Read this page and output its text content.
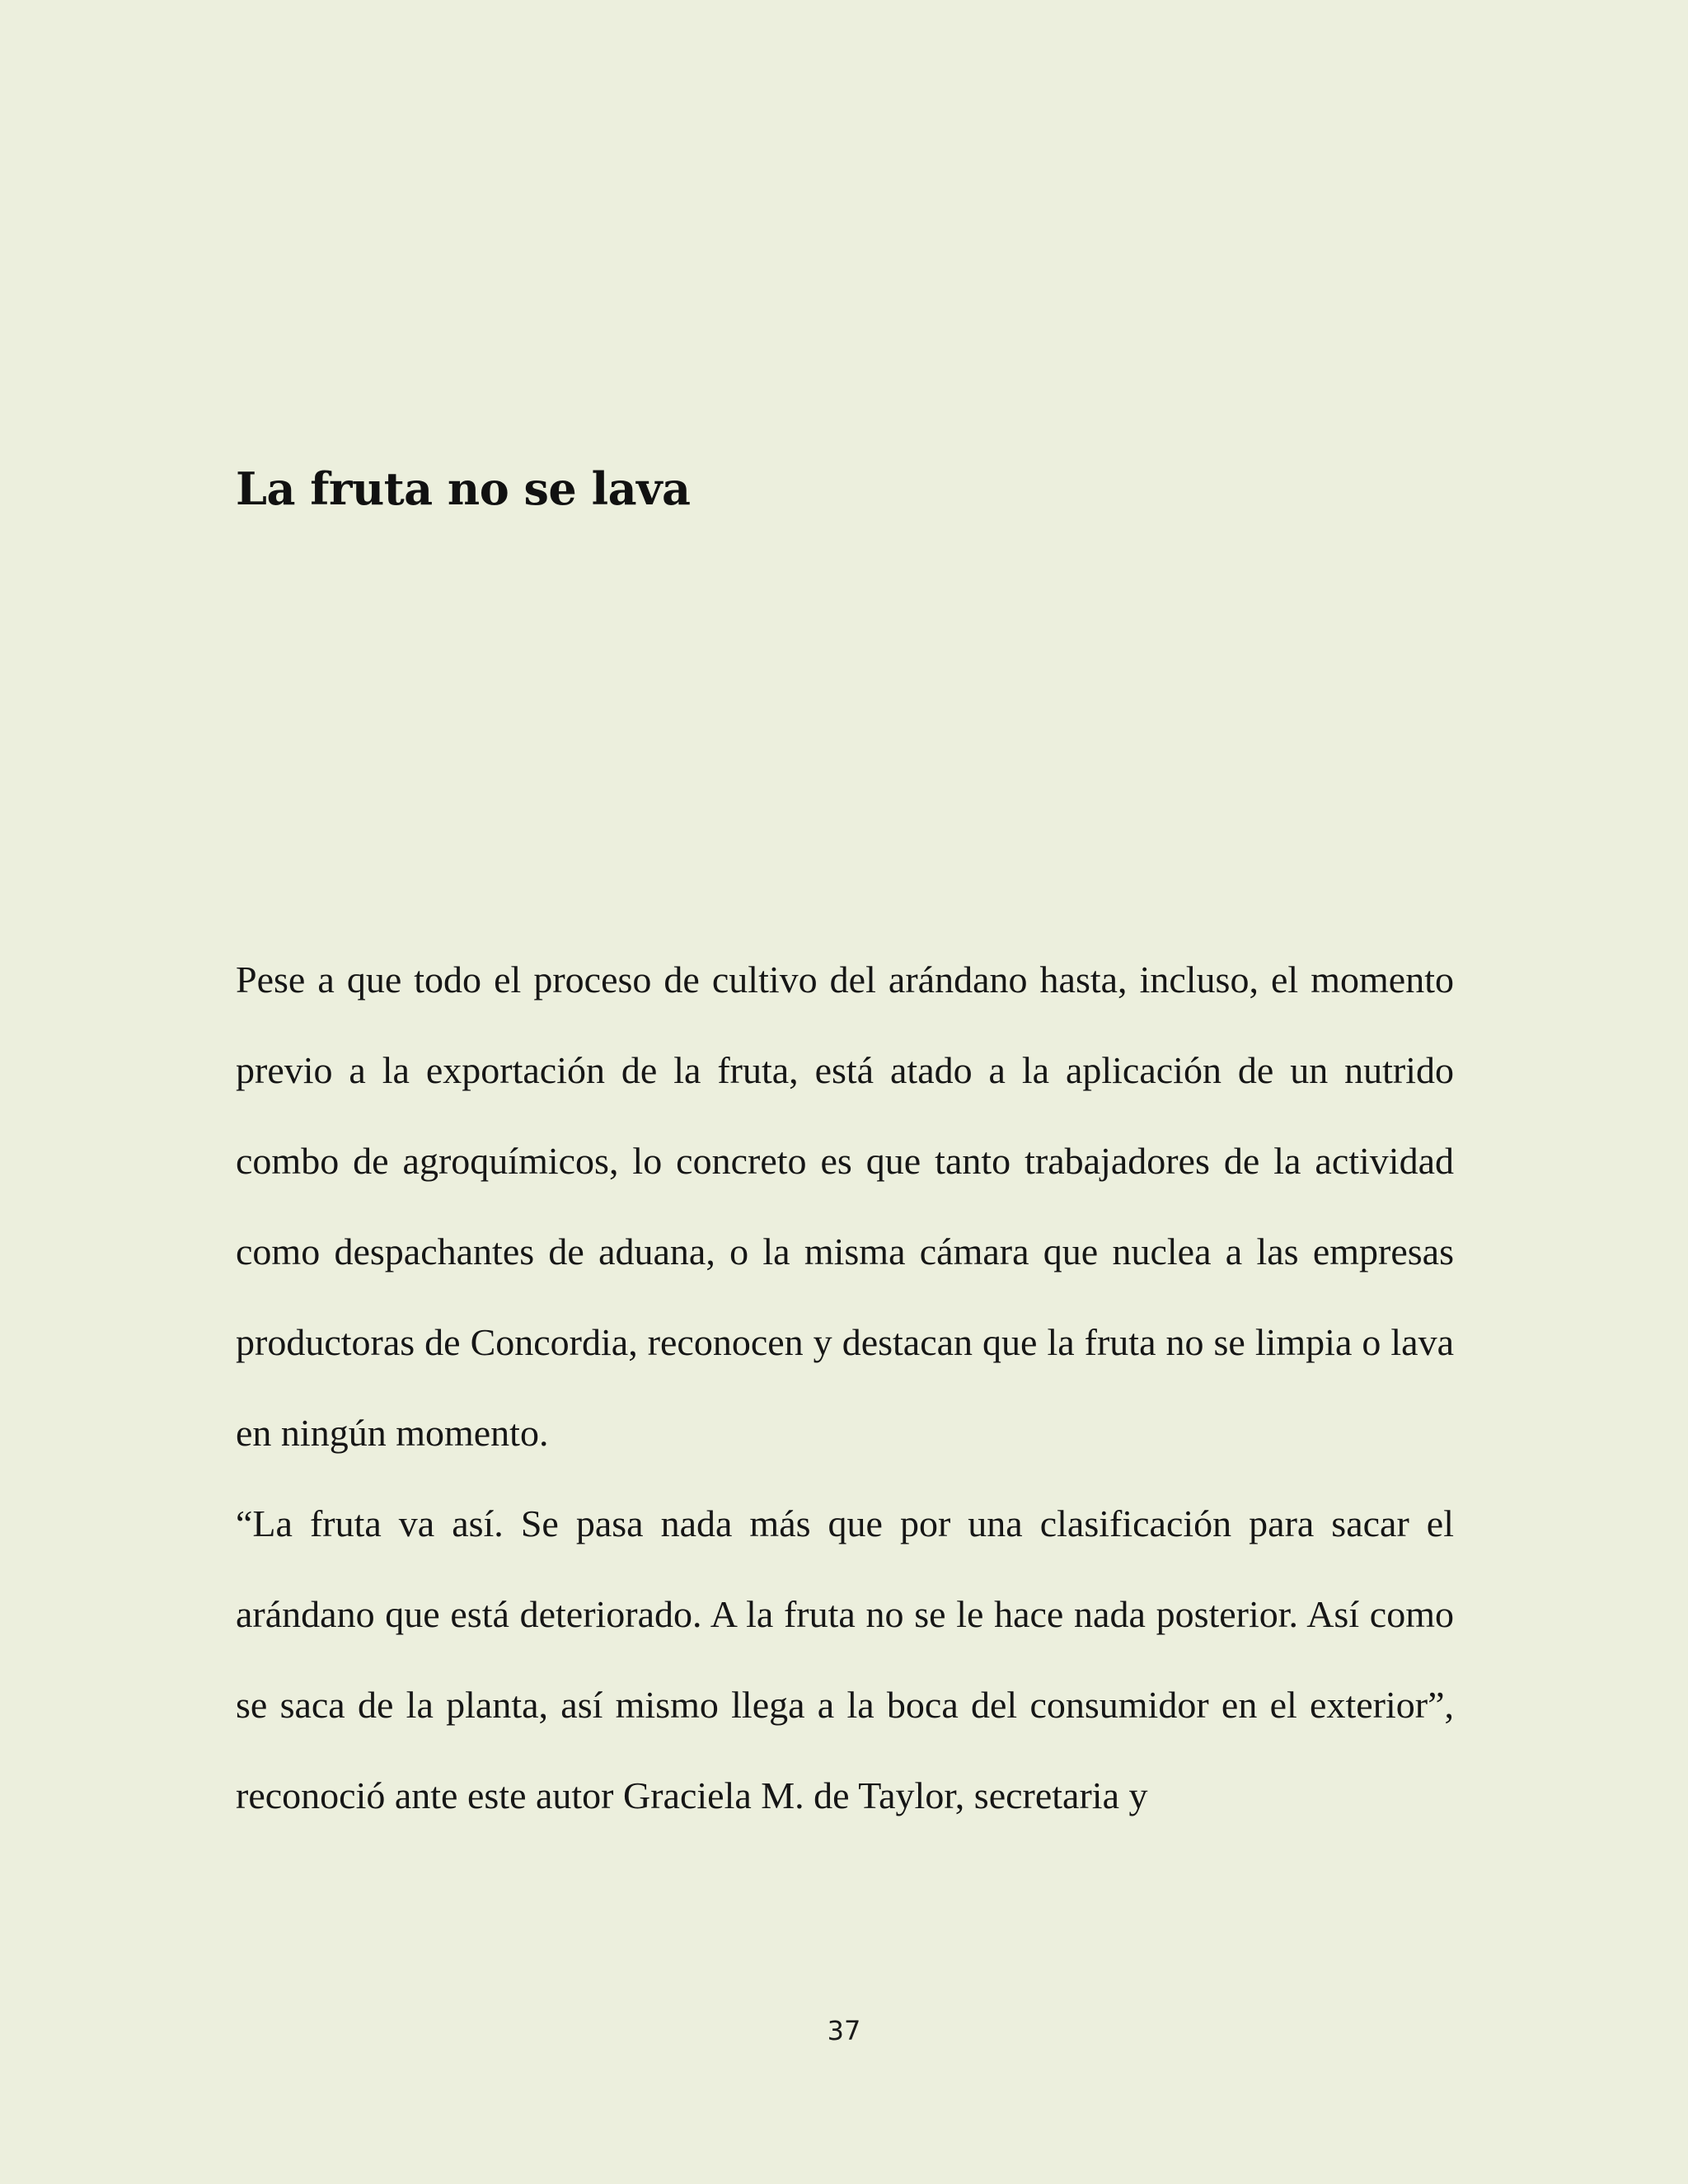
La fruta no se lava

Pese a que todo el proceso de cultivo del arándano hasta, incluso, el momento previo a la exportación de la fruta, está atado a la aplicación de un nutrido combo de agroquímicos, lo concreto es que tanto trabajadores de la actividad como despachantes de aduana, o la misma cámara que nuclea a las empresas productoras de Concordia, reconocen y destacan que la fruta no se limpia o lava en ningún momento.

“La fruta va así. Se pasa nada más que por una clasificación para sacar el arándano que está deteriorado. A la fruta no se le hace nada posterior. Así como se saca de la planta, así mismo llega a la boca del consumidor en el exterior”, reconoció ante este autor Graciela M. de Taylor, secretaria y

37
